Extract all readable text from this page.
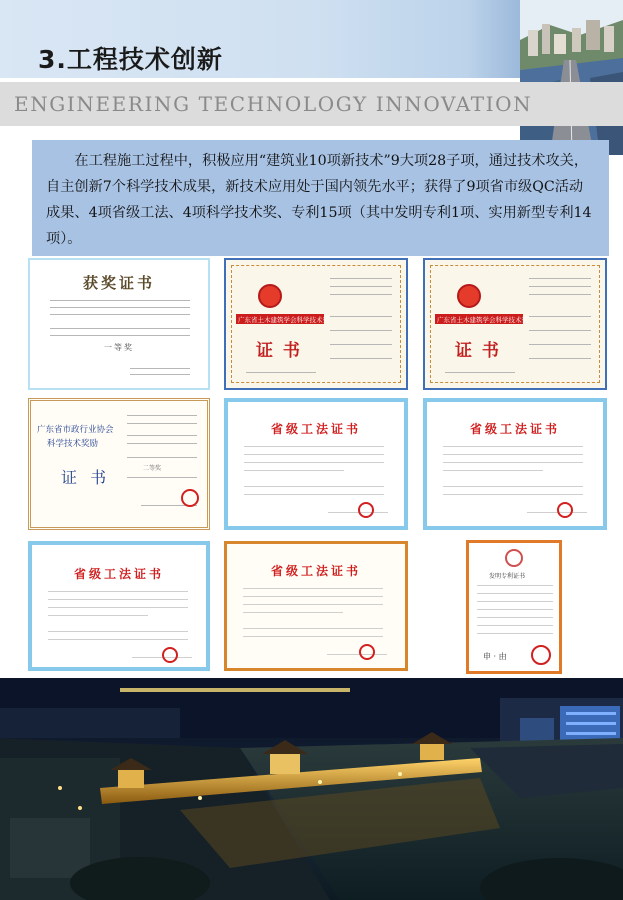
3.工程技术创新
ENGINEERING TECHNOLOGY INNOVATION

在工程施工过程中，积极应用“建筑业10项新技术”9大项28子项，通过技术攻关，自主创新7个科学技术成果，新技术应用处于国内领先水平；获得了9项省市级QC活动成果、4项省级工法、4项科学技术奖、专利15项（其中发明专利1项、实用新型专利14项）。

获奖证书
一等奖
广东省土木建筑学会科学技术奖
证 书
广东省土木建筑学会科学技术奖
证 书
广东省市政行业协会
科学技术奖励
证 书	二等奖
省级工法证书	省级工法证书
省级工法证书	省级工法证书	发明专利证书
申 · 由
